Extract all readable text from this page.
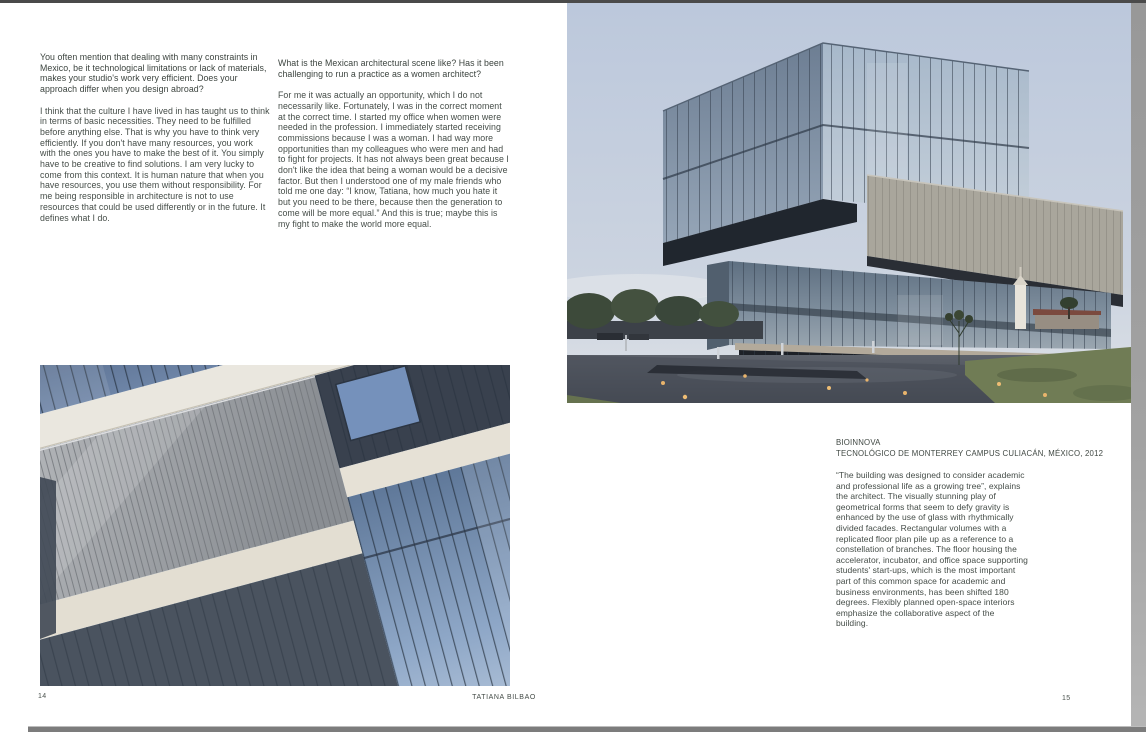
You often mention that dealing with many constraints in Mexico, be it technological limitations or lack of materials, makes your studio's work very efficient. Does your approach differ when you design abroad?

I think that the culture I have lived in has taught us to think in terms of basic necessities. They need to be fulfilled before anything else. That is why you have to think very efficiently. If you don't have many resources, you work with the ones you have to make the best of it. You simply have to be creative to find solutions. I am very lucky to come from this context. It is human nature that when you have resources, you use them without responsibility. For me being responsible in architecture is not to use resources that could be used differently or in the future. It defines what I do.

What is the Mexican architectural scene like? Has it been challenging to run a practice as a women architect?

For me it was actually an opportunity, which I do not necessarily like. Fortunately, I was in the correct moment at the correct time. I started my office when women were needed in the profession. I immediately started receiving commissions because I was a woman. I had way more opportunities than my colleagues who were men and had to fight for projects. It has not always been great because I don't like the idea that being a woman would be a decisive factor. But then I understood one of my male friends who told me one day: “I know, Tatiana, how much you hate it but you need to be there, because then the generation to come will be more equal.” And this is true; maybe this is my fight to make the world more equal.

14	TATIANA BILBAO
BIOINNOVA
TECNOLÓGICO DE MONTERREY CAMPUS CULIACÁN, MÉXICO, 2012
“The building was designed to consider academic and professional life as a growing tree”, explains the architect. The visually stunning play of geometrical forms that seem to defy gravity is enhanced by the use of glass with rhythmically divided facades. Rectangular volumes with a replicated floor plan pile up as a reference to a constellation of branches. The floor housing the accelerator, incubator, and office space supporting students' start-ups, which is the most important part of this common space for academic and business environments, has been shifted 180 degrees. Flexibly planned open-space interiors emphasize the collaborative aspect of the building.
15
